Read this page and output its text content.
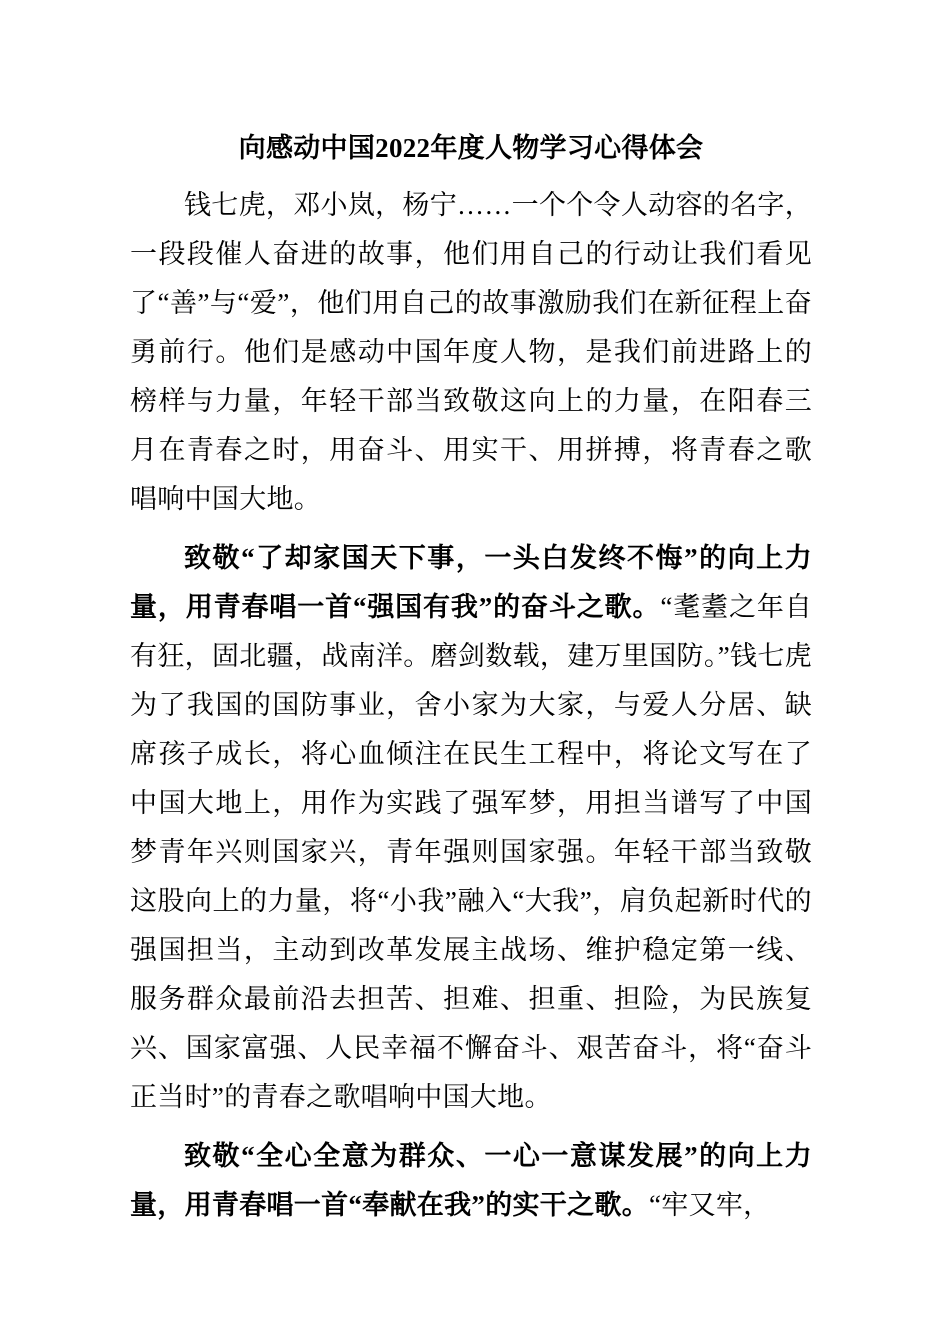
向感动中国2022年度人物学习心得体会

钱七虎，邓小岚，杨宁……一个个令人动容的名字，一段段催人奋进的故事，他们用自己的行动让我们看见了“善”与“爱”，他们用自己的故事激励我们在新征程上奋勇前行。他们是感动中国年度人物，是我们前进路上的榜样与力量，年轻干部当致敬这向上的力量，在阳春三月在青春之时，用奋斗、用实干、用拼搏，将青春之歌唱响中国大地。

致敬“了却家国天下事，一头白发终不悔”的向上力量，用青春唱一首“强国有我”的奋斗之歌。“耄耋之年自有狂，固北疆，战南洋。磨剑数载，建万里国防。”钱七虎为了我国的国防事业，舍小家为大家，与爱人分居、缺席孩子成长，将心血倾注在民生工程中，将论文写在了中国大地上，用作为实践了强军梦，用担当谱写了中国梦青年兴则国家兴，青年强则国家强。年轻干部当致敬这股向上的力量，将“小我”融入“大我”，肩负起新时代的强国担当，主动到改革发展主战场、维护稳定第一线、服务群众最前沿去担苦、担难、担重、担险，为民族复兴、国家富强、人民幸福不懈奋斗、艰苦奋斗，将“奋斗正当时”的青春之歌唱响中国大地。

致敬“全心全意为群众、一心一意谋发展”的向上力量，用青春唱一首“奉献在我”的实干之歌。“牢又牢，
